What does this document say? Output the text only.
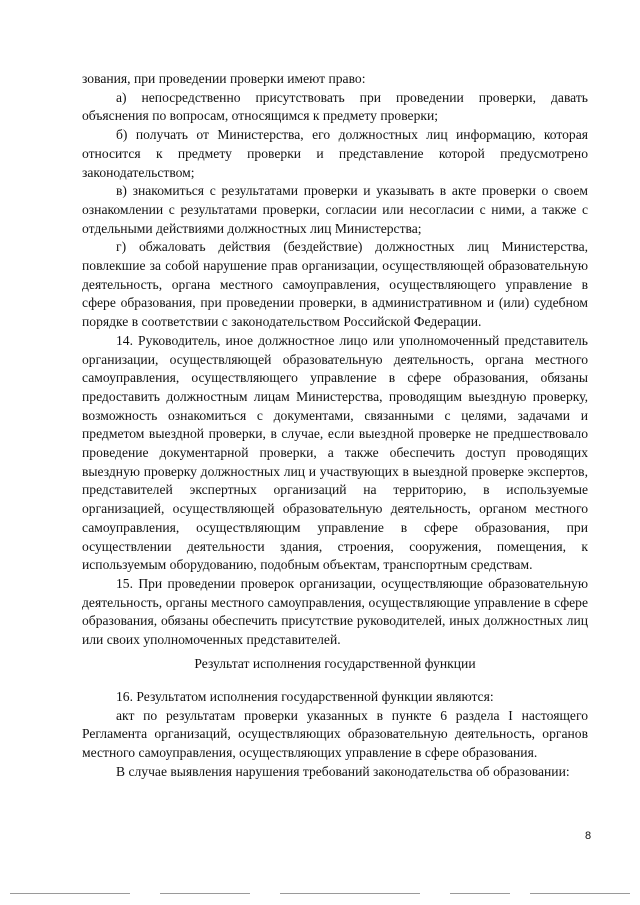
зования, при проведении проверки имеют право:

а) непосредственно присутствовать при проведении проверки, давать объяснения по вопросам, относящимся к предмету проверки;

б) получать от Министерства, его должностных лиц информацию, которая относится к предмету проверки и представление которой предусмотрено законодательством;

в) знакомиться с результатами проверки и указывать в акте проверки о своем ознакомлении с результатами проверки, согласии или несогласии с ними, а также с отдельными действиями должностных лиц Министерства;

г) обжаловать действия (бездействие) должностных лиц Министерства, повлекшие за собой нарушение прав организации, осуществляющей образовательную деятельность, органа местного самоуправления, осуществляющего управление в сфере образования, при проведении проверки, в административном и (или) судебном порядке в соответствии с законодательством Российской Федерации.

14. Руководитель, иное должностное лицо или уполномоченный представитель организации, осуществляющей образовательную деятельность, органа местного самоуправления, осуществляющего управление в сфере образования, обязаны предоставить должностным лицам Министерства, проводящим выездную проверку, возможность ознакомиться с документами, связанными с целями, задачами и предметом выездной проверки, в случае, если выездной проверке не предшествовало проведение документарной проверки, а также обеспечить доступ проводящих выездную проверку должностных лиц и участвующих в выездной проверке экспертов, представителей экспертных организаций на территорию, в используемые организацией, осуществляющей образовательную деятельность, органом местного самоуправления, осуществляющим управление в сфере образования, при осуществлении деятельности здания, строения, сооружения, помещения, к используемым оборудованию, подобным объектам, транспортным средствам.

15. При проведении проверок организации, осуществляющие образовательную деятельность, органы местного самоуправления, осуществляющие управление в сфере образования, обязаны обеспечить присутствие руководителей, иных должностных лиц или своих уполномоченных представителей.

Результат исполнения государственной функции

16. Результатом исполнения государственной функции являются:

акт по результатам проверки указанных в пункте 6 раздела I настоящего Регламента организаций, осуществляющих образовательную деятельность, органов местного самоуправления, осуществляющих управление в сфере образования.

В случае выявления нарушения требований законодательства об образовании:

8
